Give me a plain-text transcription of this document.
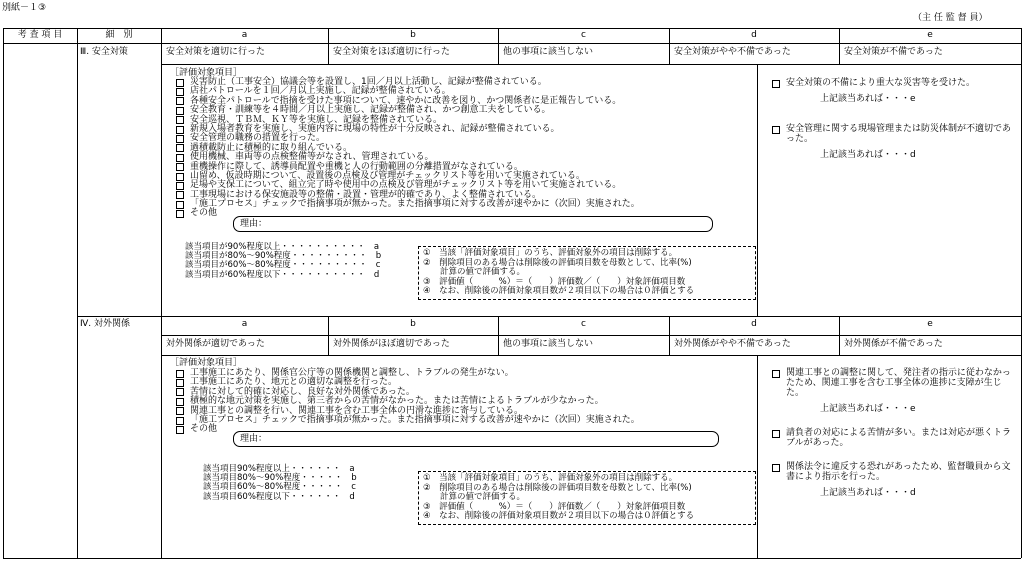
別紙－１③
（主 任 監 督 員）
考 査 項 目	細　別	a	b	c	d	e
Ⅲ. 安全対策	安全対策を適切に行った	安全対策をほぼ適切に行った	他の事項に該当しない	安全対策がやや不備であった	安全対策が不備であった
［評価対象項目］
災害防止（工事安全）協議会等を設置し、1回／月以上活動し、記録が整備されている。
店社パトロールを１回／月以上実施し、記録が整備されている。
各種安全パトロールで指摘を受けた事項について、速やかに改善を図り、かつ関係者に是正報告している。
安全教育・訓練等を４時間／月以上実施し、記録が整備され、かつ創意工夫をしている。
安全巡視、ＴＢＭ、ＫＹ等を実施し、記録を整備されている。
新規入場者教育を実施し、実施内容に現場の特性が十分反映され、記録が整備されている。
安全管理の職務の措置を行った。
過積載防止に積極的に取り組んでいる。
使用機械、車両等の点検整備等がなされ、管理されている。
重機操作に際して、誘導員配置や重機と人の行動範囲の分離措置がなされている。
山留め、仮設時期について、設置後の点検及び管理がチェックリスト等を用いて実施されている。
足場や支保工について、組立完了時や使用中の点検及び管理がチェックリスト等を用いて実施されている。
工事現場における保安施設等の整備・設置・管理が的確であり、よく整備されている。
「施工プロセス」チェックで指摘事項が無かった。また指摘事項に対する改善が速やかに（次回）実施された。
その他
理由：
該当項目が90%程度以上・・・・・・・・・・　a
該当項目が80%～90%程度・・・・・・・・・　b
該当項目が60%～80%程度・・・・・・・・・　c
該当項目が60%程度以下・・・・・・・・・・　d
①　当該「評価対象項目」のうち、評価対象外の項目は削除する。
②　削除項目のある場合は削除後の評価項目数を母数として、比率(%)
　　計算の値で評価する。
③　評価値（　　　%）＝（　　）評価数／（　　）対象評価項目数
④　なお、削除後の評価対象項目数が２項目以下の場合は０評価とする
安全対策の不備により重大な災害等を受けた。
上記該当あれば・・・e
安全管理に関する現場管理または防災体制が不適切であった。
上記該当あれば・・・d
Ⅳ. 対外関係	a	b	c	d	e
対外関係が適切であった	対外関係がほぼ適切であった	他の事項に該当しない	対外関係がやや不備であった	対外関係が不備であった
［評価対象項目］
工事施工にあたり、関係官公庁等の関係機関と調整し、トラブルの発生がない。
工事施工にあたり、地元との適切な調整を行った。
苦情に対して的確に対応し、良好な対外関係であった。
積極的な地元対策を実施し、第三者からの苦情がなかった。または苦情によるトラブルが少なかった。
関連工事との調整を行い、関連工事を含む工事全体の円滑な進捗に寄与している。
「施工プロセス」チェックで指摘事項が無かった。また指摘事項に対する改善が速やかに（次回）実施された。
その他
理由：
該当項目90%程度以上・・・・・・　a
該当項目80%～90%程度・・・・・　b
該当項目60%～80%程度・・・・・　c
該当項目60%程度以下・・・・・・　d
①　当該「評価対象項目」のうち、評価対象外の項目は削除する。
②　削除項目のある場合は削除後の評価項目数を母数として、比率(%)
　　計算の値で評価する。
③　評価値（　　　%）＝（　　）評価数／（　　）対象評価項目数
④　なお、削除後の評価対象項目数が２項目以下の場合は０評価とする
関連工事との調整に関して、発注者の指示に従わなかったため、関連工事を含む工事全体の進捗に支障が生じた。
上記該当あれば・・・e
請負者の対応による苦情が多い。または対応が悪くトラブルがあった。
関係法令に違反する恐れがあったため、監督職員から文書により指示を行った。
上記該当あれば・・・d
